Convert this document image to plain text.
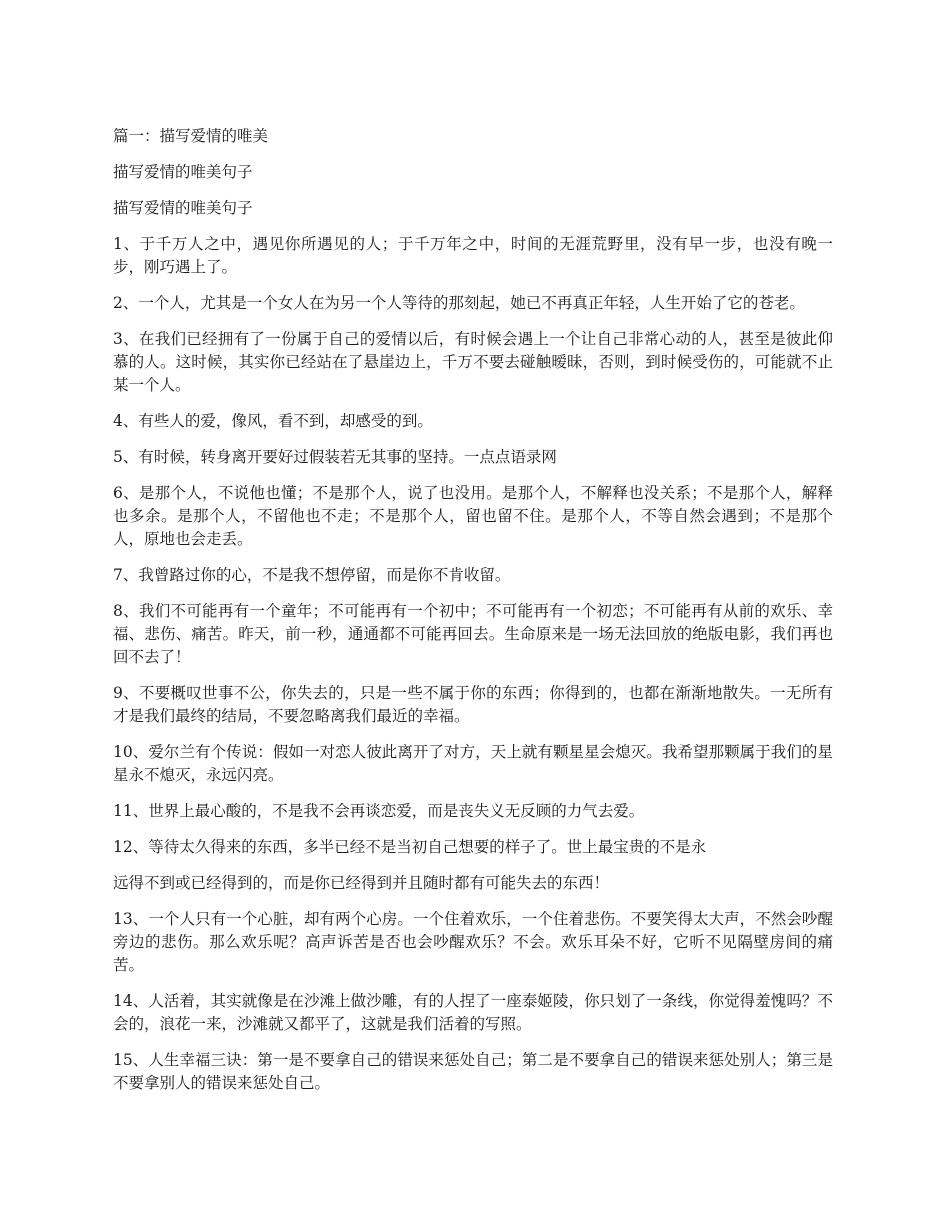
篇一：描写爱情的唯美

描写爱情的唯美句子

描写爱情的唯美句子

1、于千万人之中，遇见你所遇见的人；于千万年之中，时间的无涯荒野里，没有早一步，也没有晚一步，刚巧遇上了。

2、一个人，尤其是一个女人在为另一个人等待的那刻起，她已不再真正年轻，人生开始了它的苍老。

3、在我们已经拥有了一份属于自己的爱情以后，有时候会遇上一个让自己非常心动的人，甚至是彼此仰慕的人。这时候，其实你已经站在了悬崖边上，千万不要去碰触暧昧，否则，到时候受伤的，可能就不止某一个人。

4、有些人的爱，像风，看不到，却感受的到。

5、有时候，转身离开要好过假装若无其事的坚持。一点点语录网

6、是那个人，不说他也懂；不是那个人，说了也没用。是那个人，不解释也没关系；不是那个人，解释也多余。是那个人，不留他也不走；不是那个人，留也留不住。是那个人，不等自然会遇到；不是那个人，原地也会走丢。

7、我曾路过你的心，不是我不想停留，而是你不肯收留。

8、我们不可能再有一个童年；不可能再有一个初中；不可能再有一个初恋；不可能再有从前的欢乐、幸福、悲伤、痛苦。昨天，前一秒，通通都不可能再回去。生命原来是一场无法回放的绝版电影，我们再也回不去了！

9、不要概叹世事不公，你失去的，只是一些不属于你的东西；你得到的，也都在渐渐地散失。一无所有才是我们最终的结局，不要忽略离我们最近的幸福。

10、爱尔兰有个传说：假如一对恋人彼此离开了对方，天上就有颗星星会熄灭。我希望那颗属于我们的星星永不熄灭，永远闪亮。

11、世界上最心酸的，不是我不会再谈恋爱，而是丧失义无反顾的力气去爱。

12、等待太久得来的东西，多半已经不是当初自己想要的样子了。世上最宝贵的不是永

远得不到或已经得到的，而是你已经得到并且随时都有可能失去的东西！

13、一个人只有一个心脏，却有两个心房。一个住着欢乐，一个住着悲伤。不要笑得太大声，不然会吵醒旁边的悲伤。那么欢乐呢？高声诉苦是否也会吵醒欢乐？不会。欢乐耳朵不好，它听不见隔壁房间的痛苦。

14、人活着，其实就像是在沙滩上做沙雕，有的人捏了一座泰姬陵，你只划了一条线，你觉得羞愧吗？不会的，浪花一来，沙滩就又都平了，这就是我们活着的写照。

15、人生幸福三诀：第一是不要拿自己的错误来惩处自己；第二是不要拿自己的错误来惩处别人；第三是不要拿别人的错误来惩处自己。
